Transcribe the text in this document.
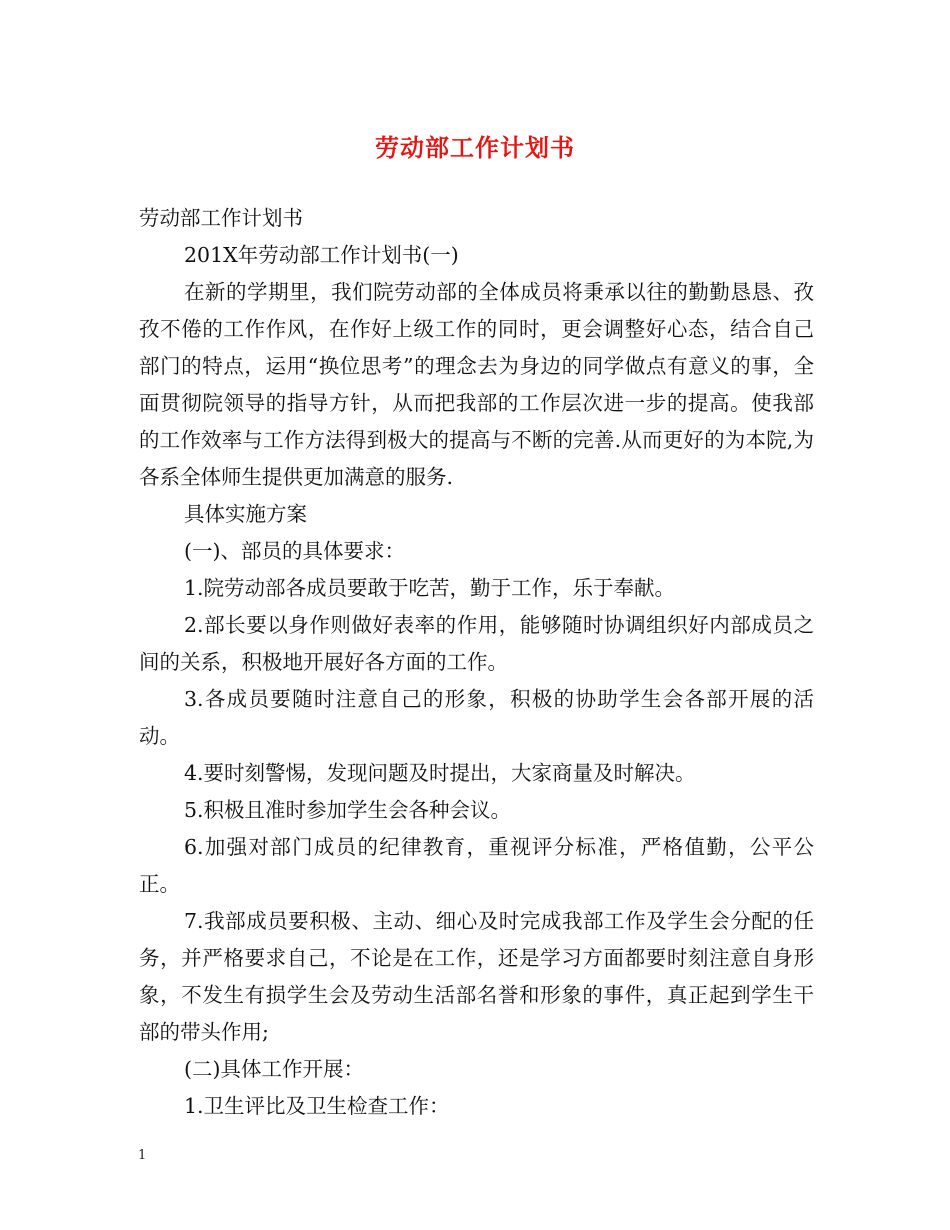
劳动部工作计划书

劳动部工作计划书

201X年劳动部工作计划书(一)

在新的学期里，我们院劳动部的全体成员将秉承以往的勤勤恳恳、孜孜不倦的工作作风，在作好上级工作的同时，更会调整好心态，结合自己部门的特点，运用“换位思考”的理念去为身边的同学做点有意义的事，全面贯彻院领导的指导方针，从而把我部的工作层次进一步的提高。使我部的工作效率与工作方法得到极大的提高与不断的完善.从而更好的为本院,为各系全体师生提供更加满意的服务.

具体实施方案

(一)、部员的具体要求：

1.院劳动部各成员要敢于吃苦，勤于工作，乐于奉献。

2.部长要以身作则做好表率的作用，能够随时协调组织好内部成员之间的关系，积极地开展好各方面的工作。

3.各成员要随时注意自己的形象，积极的协助学生会各部开展的活动。

4.要时刻警惕，发现问题及时提出，大家商量及时解决。

5.积极且准时参加学生会各种会议。

6.加强对部门成员的纪律教育，重视评分标准，严格值勤，公平公正。

7.我部成员要积极、主动、细心及时完成我部工作及学生会分配的任务，并严格要求自己，不论是在工作，还是学习方面都要时刻注意自身形象，不发生有损学生会及劳动生活部名誉和形象的事件，真正起到学生干部的带头作用;

(二)具体工作开展：

1.卫生评比及卫生检查工作：

1
